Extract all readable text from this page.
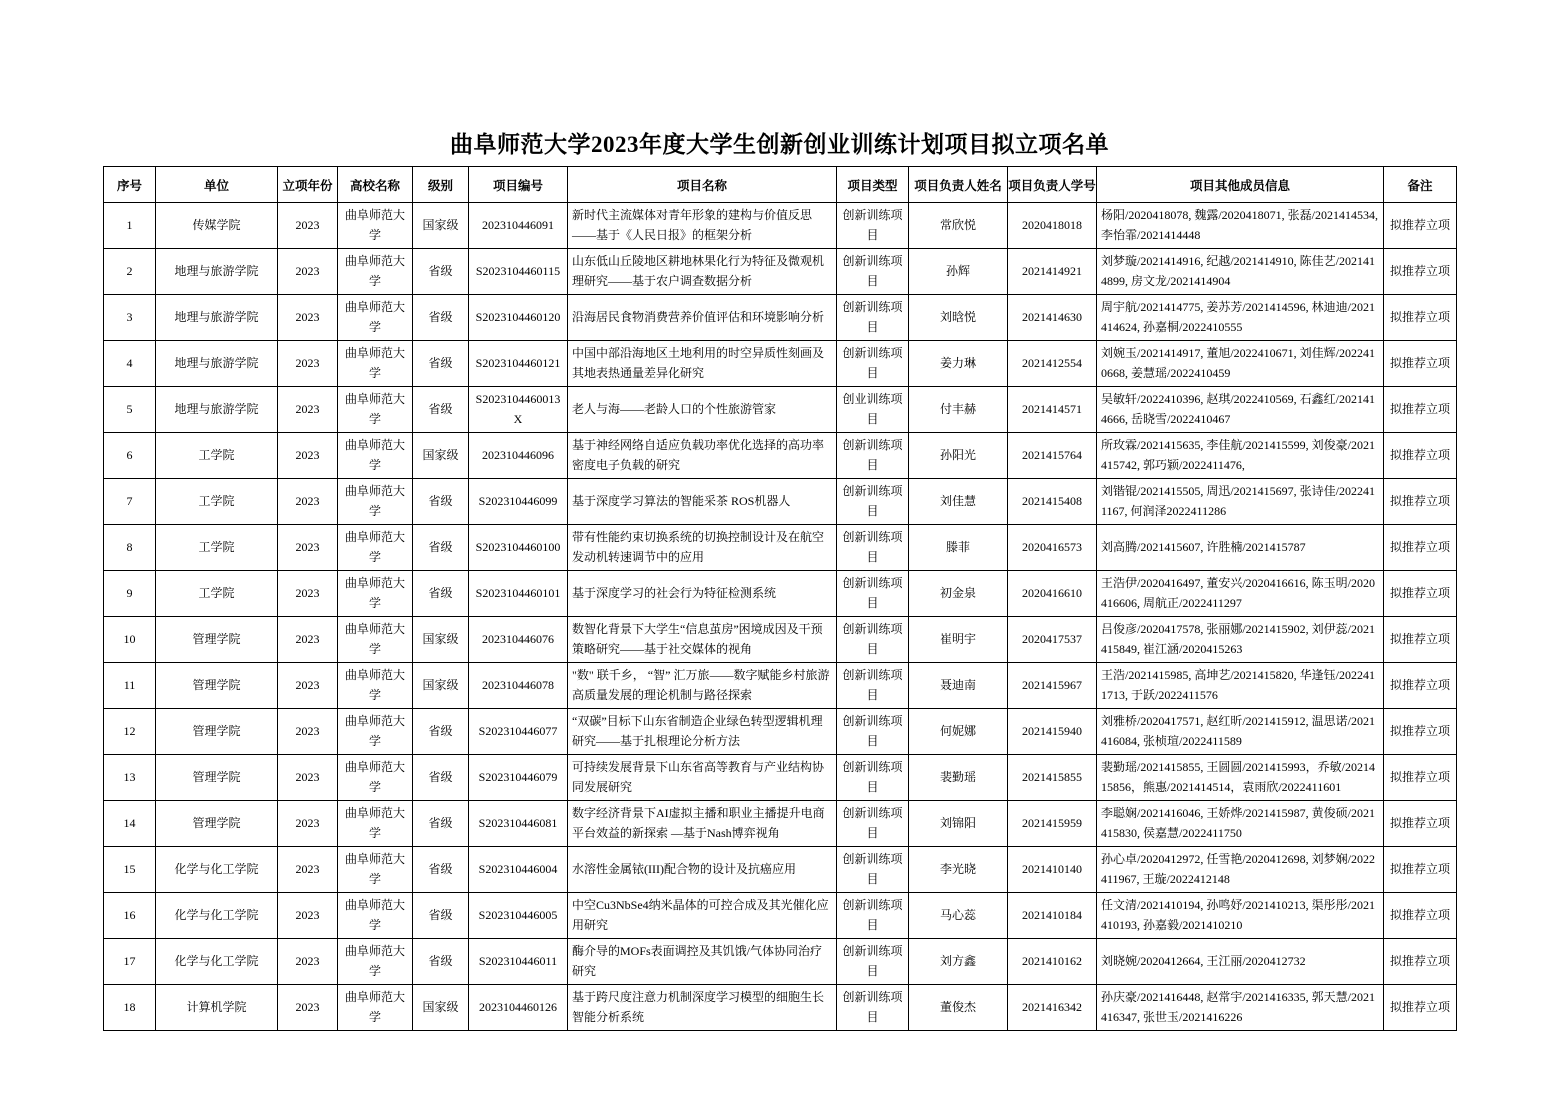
曲阜师范大学2023年度大学生创新创业训练计划项目拟立项名单
序号	单位	立项年份	高校名称	级别	项目编号	项目名称	项目类型	项目负责人姓名	项目负责人学号	项目其他成员信息	备注
1	传媒学院	2023	曲阜师范大学	国家级	202310446091	新时代主流媒体对青年形象的建构与价值反思——基于《人民日报》的框架分析	创新训练项目	常欣悦	2020418018	杨阳/2020418078, 魏露/2020418071, 张磊/2021414534, 李怡霏/2021414448	拟推荐立项
2	地理与旅游学院	2023	曲阜师范大学	省级	S2023104460115	山东低山丘陵地区耕地林果化行为特征及微观机理研究——基于农户调查数据分析	创新训练项目	孙辉	2021414921	刘梦璇/2021414916, 纪越/2021414910, 陈佳艺/2021414899, 房文龙/2021414904	拟推荐立项
3	地理与旅游学院	2023	曲阜师范大学	省级	S2023104460120	沿海居民食物消费营养价值评估和环境影响分析	创新训练项目	刘晗悦	2021414630	周宇航/2021414775, 姜苏芳/2021414596, 林迪迪/2021414624, 孙嘉桐/2022410555	拟推荐立项
4	地理与旅游学院	2023	曲阜师范大学	省级	S2023104460121	中国中部沿海地区土地利用的时空异质性刻画及其地表热通量差异化研究	创新训练项目	姜力琳	2021412554	刘婉玉/2021414917, 董旭/2022410671, 刘佳辉/2022410668, 姜慧瑶/2022410459	拟推荐立项
5	地理与旅游学院	2023	曲阜师范大学	省级	S2023104460013X	老人与海——老龄人口的个性旅游管家	创业训练项目	付丰赫	2021414571	吴敏轩/2022410396, 赵琪/2022410569, 石鑫红/2021414666, 岳晓雪/2022410467	拟推荐立项
6	工学院	2023	曲阜师范大学	国家级	202310446096	基于神经网络自适应负载功率优化选择的高功率密度电子负载的研究	创新训练项目	孙阳光	2021415764	所玫霖/2021415635, 李佳航/2021415599, 刘俊豪/2021415742, 郭巧颖/2022411476,	拟推荐立项
7	工学院	2023	曲阜师范大学	省级	S202310446099	基于深度学习算法的智能采茶 ROS机器人	创新训练项目	刘佳慧	2021415408	刘锴锟/2021415505, 周迅/2021415697, 张诗佳/2022411167, 何润泽2022411286	拟推荐立项
8	工学院	2023	曲阜师范大学	省级	S2023104460100	带有性能约束切换系统的切换控制设计及在航空发动机转速调节中的应用	创新训练项目	滕菲	2020416573	刘高腾/2021415607, 许胜楠/2021415787	拟推荐立项
9	工学院	2023	曲阜师范大学	省级	S2023104460101	基于深度学习的社会行为特征检测系统	创新训练项目	初金泉	2020416610	王浩伊/2020416497, 董安兴/2020416616, 陈玉明/2020416606, 周航正/2022411297	拟推荐立项
10	管理学院	2023	曲阜师范大学	国家级	202310446076	数智化背景下大学生“信息茧房”困境成因及干预策略研究——基于社交媒体的视角	创新训练项目	崔明宇	2020417537	吕俊彦/2020417578, 张丽娜/2021415902, 刘伊蕊/2021415849, 崔江涵/2020415263	拟推荐立项
11	管理学院	2023	曲阜师范大学	国家级	202310446078	"数" 联千乡， “智” 汇万旅——数字赋能乡村旅游高质量发展的理论机制与路径探索	创新训练项目	聂迪南	2021415967	王浩/2021415985, 高坤艺/2021415820, 华逢钰/2022411713, 于跃/2022411576	拟推荐立项
12	管理学院	2023	曲阜师范大学	省级	S202310446077	“双碳”目标下山东省制造企业绿色转型逻辑机理研究——基于扎根理论分析方法	创新训练项目	何妮娜	2021415940	刘雅桥/2020417571, 赵红昕/2021415912, 温思诺/2021416084, 张桢瑄/2022411589	拟推荐立项
13	管理学院	2023	曲阜师范大学	省级	S202310446079	可持续发展背景下山东省高等教育与产业结构协同发展研究	创新训练项目	裴勤瑶	2021415855	裴勤瑶/2021415855, 王圆圆/2021415993，乔敏/2021415856，熊惠/2021414514，袁雨欣/2022411601	拟推荐立项
14	管理学院	2023	曲阜师范大学	省级	S202310446081	数字经济背景下AI虚拟主播和职业主播提升电商平台效益的新探索 —基于Nash博弈视角	创新训练项目	刘锦阳	2021415959	李聪娴/2021416046, 王娇烨/2021415987, 黄俊硕/2021415830, 侯嘉慧/2022411750	拟推荐立项
15	化学与化工学院	2023	曲阜师范大学	省级	S202310446004	水溶性金属铱(III)配合物的设计及抗癌应用	创新训练项目	李光晓	2021410140	孙心卓/2020412972, 任雪艳/2020412698, 刘梦娴/2022411967, 王璇/2022412148	拟推荐立项
16	化学与化工学院	2023	曲阜师范大学	省级	S202310446005	中空Cu3NbSe4纳米晶体的可控合成及其光催化应用研究	创新训练项目	马心蕊	2021410184	任文清/2021410194, 孙鸣妤/2021410213, 渠彤彤/2021410193, 孙嘉毅/2021410210	拟推荐立项
17	化学与化工学院	2023	曲阜师范大学	省级	S202310446011	酶介导的MOFs表面调控及其饥饿/气体协同治疗研究	创新训练项目	刘方鑫	2021410162	刘晓婉/2020412664, 王江丽/2020412732	拟推荐立项
18	计算机学院	2023	曲阜师范大学	国家级	2023104460126	基于跨尺度注意力机制深度学习模型的细胞生长智能分析系统	创新训练项目	董俊杰	2021416342	孙庆豪/2021416448, 赵常宇/2021416335, 郭天慧/2021416347, 张世玉/2021416226	拟推荐立项
